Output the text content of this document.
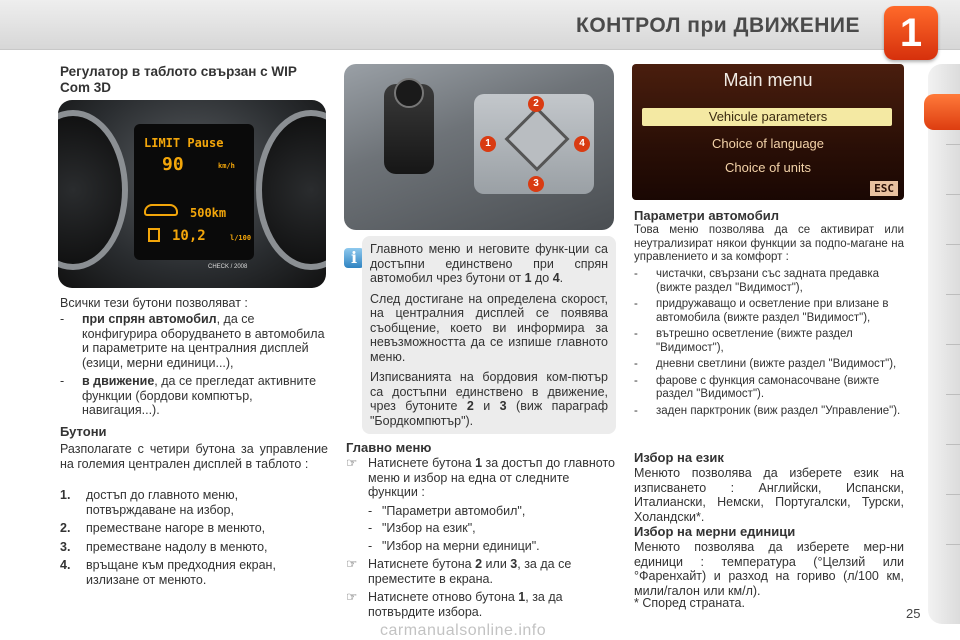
КОНТРОЛ при ДВИЖЕНИЕ 1
Регулатор в таблото свързан с WIP Com 3D
LIMIT Pause
90	km/h
500km
10,2	l/100
CHECK / 2008
Всички тези бутони позволяват :
- при спрян автомобил, да се конфигурира оборудването в автомобила и параметрите на централния дисплей (езици, мерни единици...),
- в движение, да се прегледат активните функции (бордови компютър, навигация...).
Бутони
Разполагате с четири бутона за управление на големия централен дисплей в таблото :
1. достъп до главното меню, потвърждаване на избор,
2. преместване нагоре в менюто,
3. преместване надолу в менюто,
4. връщане към предходния екран, излизане от менюто.
1
2
3
4
i	Главното меню и неговите функ-ции са достъпни единствено при спрян автомобил чрез бутони от 1 до 4.

След достигане на определена скорост, на централния дисплей се появява съобщение, което ви информира за невъзможността да се изпише главното меню.

Изписванията на бордовия ком-пютър са достъпни единствено в движение, чрез бутоните 2 и 3 (виж параграф "Бордкомпютър").

Главно меню
☞ Натиснете бутона 1 за достъп до главното меню и избор на една от следните функции :
- "Параметри автомобил",
- "Избор на език",
- "Избор на мерни единици".
☞ Натиснете бутона 2 или 3, за да се преместите в екрана.
☞ Натиснете отново бутона 1, за да потвърдите избора.
Main menu
Vehicule parameters
Choice of language
Choice of units
ESC
Параметри автомобил
Това меню позволява да се активират или неутрализират някои функции за подпо-магане на управлението и за комфорт :
- чистачки, свързани със задната предавка (вижте раздел "Видимост"),
- придружаващо и осветление при влизане в автомобила (вижте раздел "Видимост"),
- вътрешно осветление (вижте раздел "Видимост"),
- дневни светлини (вижте раздел "Видимост"),
- фарове с функция самонасочване (вижте раздел "Видимост").
- заден парктроник (виж раздел "Управление").
Избор на език
Менюто позволява да изберете език на изписването : Английски, Испански, Италиански, Немски, Португалски, Турски, Холандски*.
Избор на мерни единици
Менюто позволява да изберете мер-ни единици : температура (°Целзий или °Фаренхайт) и разход на гориво (л/100 км, мили/галон или км/л).
* Според страната.
25
carmanualsonline.info
